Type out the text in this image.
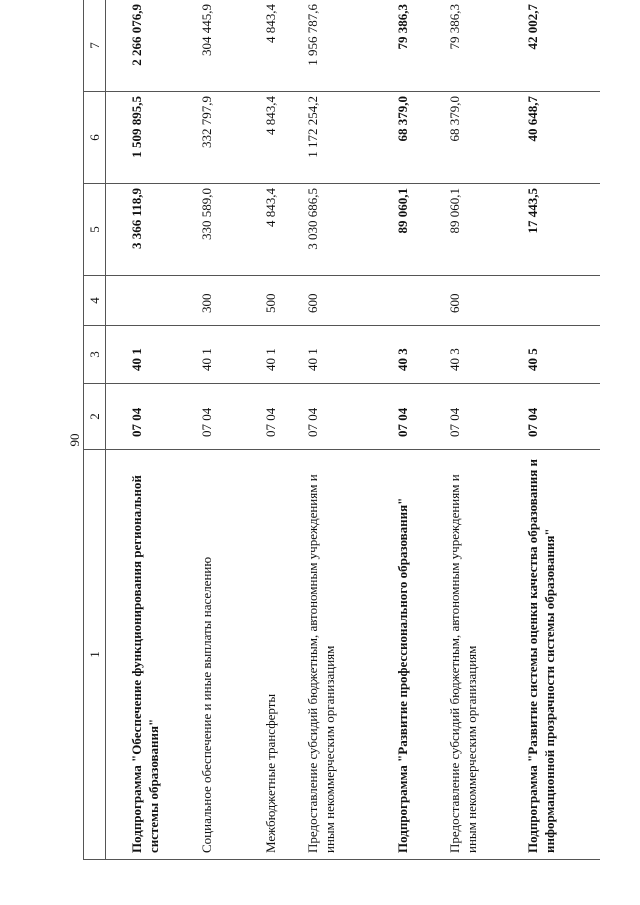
90
1	2	3	4	5	6	7
Подпрограмма "Обеспечение функционирования региональной системы образования"	07 04	40 1		3 366 118,9	1 509 895,5	2 266 076,9
Социальное обеспечение и иные выплаты населению	07 04	40 1	300	330 589,0	332 797,9	304 445,9
Межбюджетные трансферты	07 04	40 1	500	4 843,4	4 843,4	4 843,4
Предоставление субсидий бюджетным, автономным учреждениям и иным некоммерческим организациям	07 04	40 1	600	3 030 686,5	1 172 254,2	1 956 787,6
Подпрограмма "Развитие профессионального образования"	07 04	40 3		89 060,1	68 379,0	79 386,3
Предоставление субсидий бюджетным, автономным учреждениям и иным некоммерческим организациям	07 04	40 3	600	89 060,1	68 379,0	79 386,3
Подпрограмма "Развитие системы оценки качества образования и информационной прозрачности системы образования"	07 04	40 5		17 443,5	40 648,7	42 002,7
